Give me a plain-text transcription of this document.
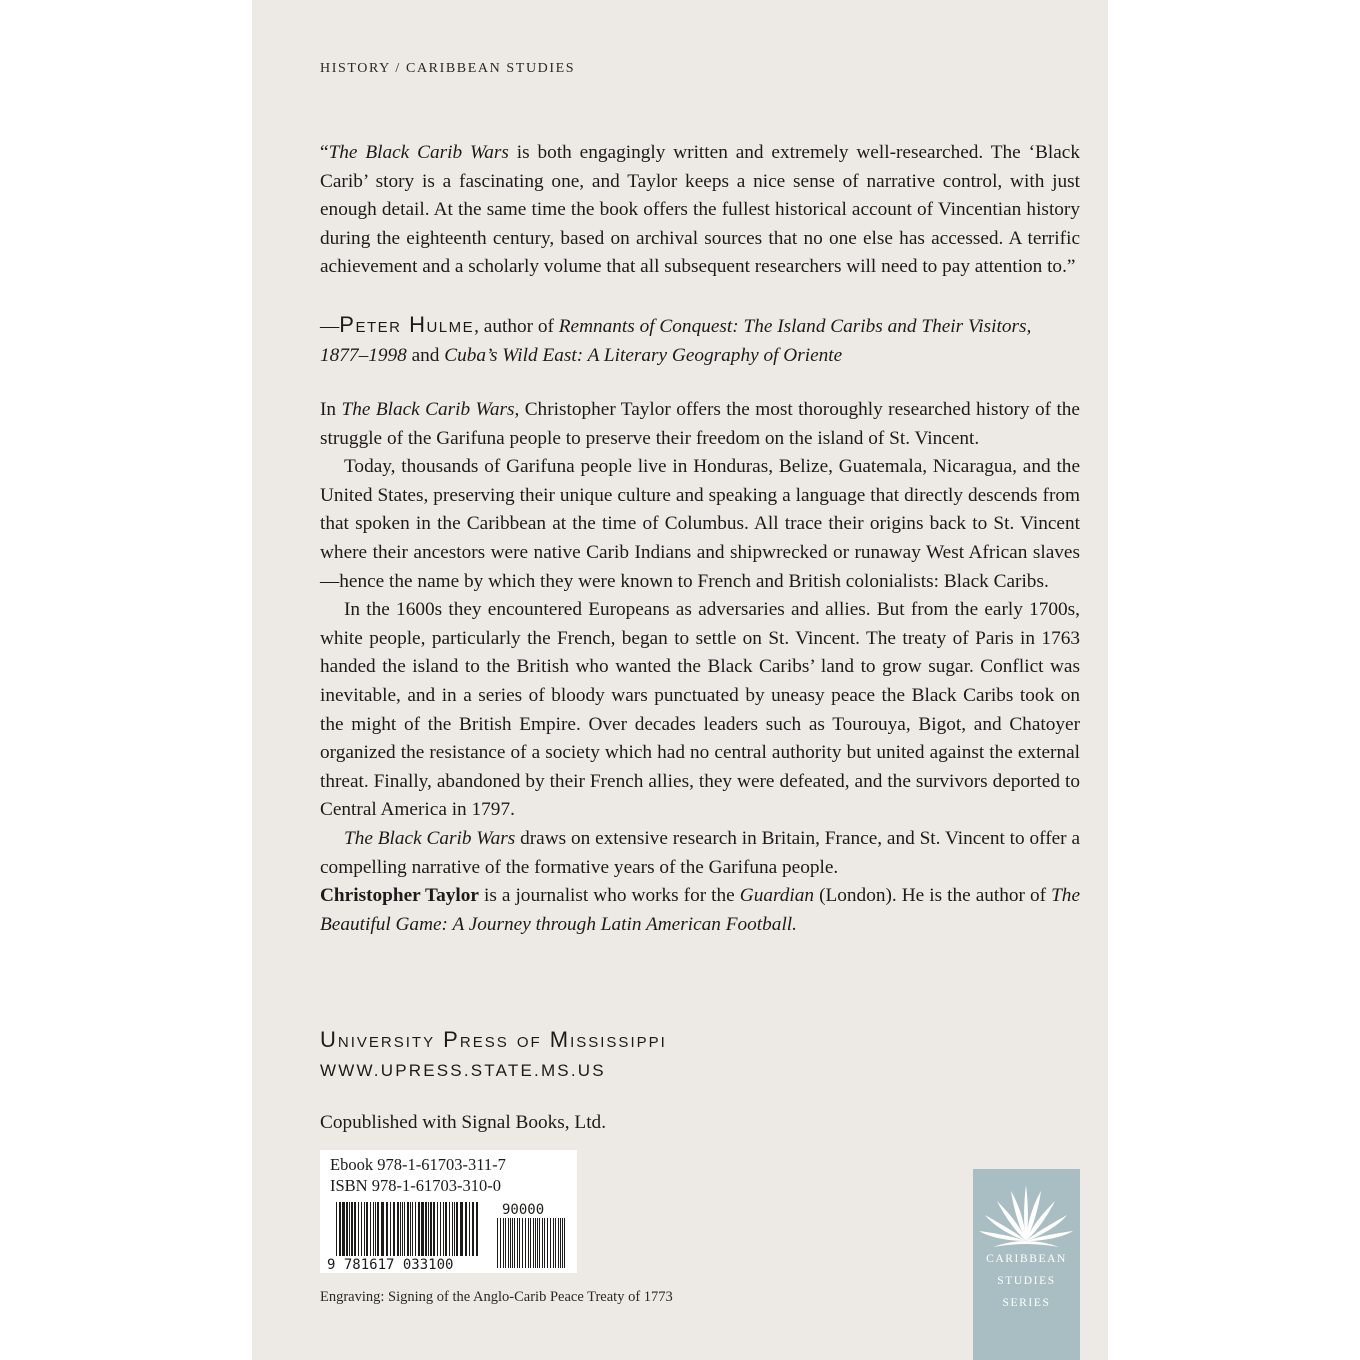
HISTORY / CARIBBEAN STUDIES

“The Black Carib Wars is both engagingly written and extremely well-researched. The ‘Black Carib’ story is a fascinating one, and Taylor keeps a nice sense of narrative control, with just enough detail. At the same time the book offers the fullest historical account of Vincentian history during the eighteenth century, based on archival sources that no one else has accessed. A terrific achievement and a scholarly volume that all subsequent researchers will need to pay attention to.”

—Peter Hulme, author of Remnants of Conquest: The Island Caribs and Their Visitors, 1877–1998 and Cuba’s Wild East: A Literary Geography of Oriente

In The Black Carib Wars, Christopher Taylor offers the most thoroughly researched history of the struggle of the Garifuna people to preserve their freedom on the island of St. Vincent.

Today, thousands of Garifuna people live in Honduras, Belize, Guatemala, Nicaragua, and the United States, preserving their unique culture and speaking a language that directly descends from that spoken in the Caribbean at the time of Columbus. All trace their origins back to St. Vincent where their ancestors were native Carib Indians and shipwrecked or runaway West African slaves—hence the name by which they were known to French and British colonialists: Black Caribs.

In the 1600s they encountered Europeans as adversaries and allies. But from the early 1700s, white people, particularly the French, began to settle on St. Vincent. The treaty of Paris in 1763 handed the island to the British who wanted the Black Caribs’ land to grow sugar. Conflict was inevitable, and in a series of bloody wars punctuated by uneasy peace the Black Caribs took on the might of the British Empire. Over decades leaders such as Tourouya, Bigot, and Chatoyer organized the resistance of a society which had no central authority but united against the external threat. Finally, abandoned by their French allies, they were defeated, and the survivors deported to Central America in 1797.

The Black Carib Wars draws on extensive research in Britain, France, and St. Vincent to offer a compelling narrative of the formative years of the Garifuna people.

Christopher Taylor is a journalist who works for the Guardian (London). He is the author of The Beautiful Game: A Journey through Latin American Football.

University Press of Mississippi
WWW.UPRESS.STATE.MS.US

Copublished with Signal Books, Ltd.

Ebook 978-1-61703-311-7
ISBN 978-1-61703-310-0
9 781617 033100
90000

Engraving: Signing of the Anglo-Carib Peace Treaty of 1773

CARIBBEAN
STUDIES
SERIES
